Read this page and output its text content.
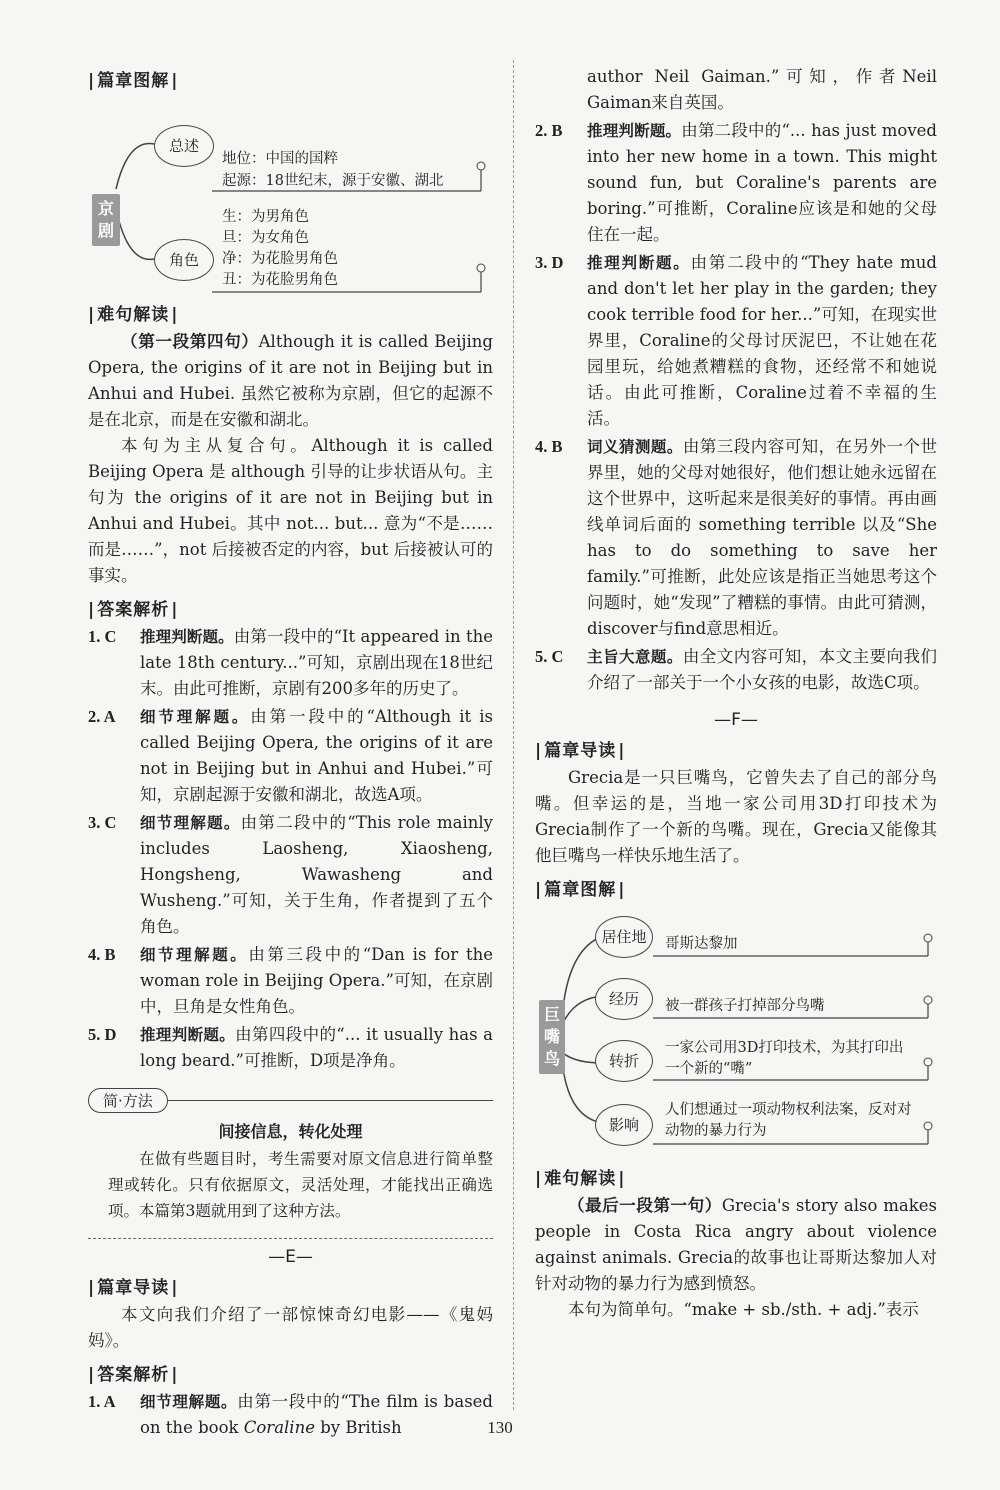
| 篇章图解 |
京剧
总述
地位：中国的国粹
起源：18世纪末，源于安徽、湖北
角色
生：为男角色
旦：为女角色
净：为花脸男角色
丑：为花脸男角色
| 难句解读 |

（第一段第四句）Although it is called Beijing Opera, the origins of it are not in Beijing but in Anhui and Hubei. 虽然它被称为京剧，但它的起源不是在北京，而是在安徽和湖北。

本句为主从复合句。Although it is called Beijing Opera 是 although 引导的让步状语从句。主句为 the origins of it are not in Beijing but in Anhui and Hubei。其中 not... but... 意为“不是……而是……”，not 后接被否定的内容，but 后接被认可的事实。

| 答案解析 |
1. C	推理判断题。由第一段中的“It appeared in the late 18th century...”可知，京剧出现在18世纪末。由此可推断，京剧有200多年的历史了。
2. A	细节理解题。由第一段中的“Although it is called Beijing Opera, the origins of it are not in Beijing but in Anhui and Hubei.”可知，京剧起源于安徽和湖北，故选A项。
3. C	细节理解题。由第二段中的“This role mainly includes Laosheng, Xiaosheng, Hongsheng, Wawasheng and Wusheng.”可知，关于生角，作者提到了五个角色。
4. B	细节理解题。由第三段中的“Dan is for the woman role in Beijing Opera.”可知，在京剧中，旦角是女性角色。
5. D	推理判断题。由第四段中的“... it usually has a long beard.”可推断，D项是净角。
简·方法
间接信息，转化处理
在做有些题目时，考生需要对原文信息进行简单整理或转化。只有依据原文，灵活处理，才能找出正确选项。本篇第3题就用到了这种方法。
—E—
| 篇章导读 |

本文向我们介绍了一部惊悚奇幻电影——《鬼妈妈》。

| 答案解析 |
1. A	细节理解题。由第一段中的“The film is based on the book Coraline by British

author Neil Gaiman.”可知，作者Neil Gaiman来自英国。

2. B	推理判断题。由第二段中的“... has just moved into her new home in a town. This might sound fun, but Coraline's parents are boring.”可推断，Coraline应该是和她的父母住在一起。
3. D	推理判断题。由第二段中的“They hate mud and don't let her play in the garden; they cook terrible food for her...”可知，在现实世界里，Coraline的父母讨厌泥巴，不让她在花园里玩，给她煮糟糕的食物，还经常不和她说话。由此可推断，Coraline过着不幸福的生活。
4. B	词义猜测题。由第三段内容可知，在另外一个世界里，她的父母对她很好，他们想让她永远留在这个世界中，这听起来是很美好的事情。再由画线单词后面的 something terrible 以及“She has to do something to save her family.”可推断，此处应该是指正当她思考这个问题时，她“发现”了糟糕的事情。由此可猜测，discover与find意思相近。
5. C	主旨大意题。由全文内容可知，本文主要向我们介绍了一部关于一个小女孩的电影，故选C项。
—F—
| 篇章导读 |

Grecia是一只巨嘴鸟，它曾失去了自己的部分鸟嘴。但幸运的是，当地一家公司用3D打印技术为Grecia制作了一个新的鸟嘴。现在，Grecia又能像其他巨嘴鸟一样快乐地生活了。

| 篇章图解 |
巨嘴鸟
居住地	哥斯达黎加
经历	被一群孩子打掉部分鸟嘴
转折
一家公司用3D打印技术，为其打印出一个新的“嘴”
影响
人们想通过一项动物权利法案，反对对动物的暴力行为
| 难句解读 |

（最后一段第一句）Grecia's story also makes people in Costa Rica angry about violence against animals. Grecia的故事也让哥斯达黎加人对针对动物的暴力行为感到愤怒。

本句为简单句。“make + sb./sth. + adj.”表示

130
